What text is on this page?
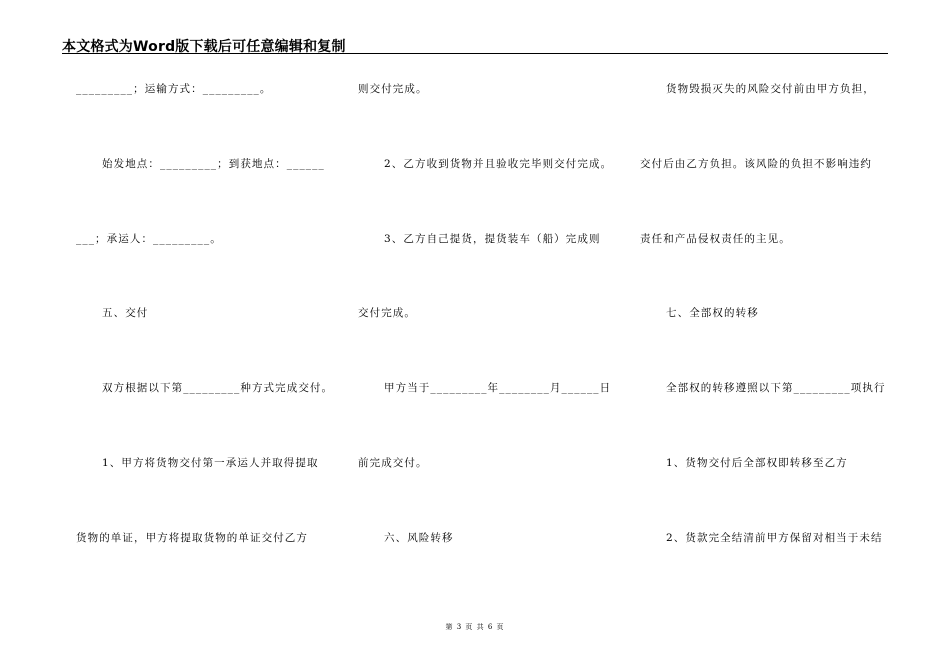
本文格式为Word版下载后可任意编辑和复制
_________；运输方式：_________。
始发地点：_________；到获地点：______
___；承运人：_________。
五、交付
双方根据以下第_________种方式完成交付。
1、甲方将货物交付第一承运人并取得提取
货物的单证，甲方将提取货物的单证交付乙方
则交付完成。
2、乙方收到货物并且验收完毕则交付完成。
3、乙方自己提货，提货装车（船）完成则
交付完成。
甲方当于_________年________月______日
前完成交付。
六、风险转移
货物毁损灭失的风险交付前由甲方负担，
交付后由乙方负担。该风险的负担不影响违约
责任和产品侵权责任的主见。
七、全部权的转移
全部权的转移遵照以下第_________项执行
1、货物交付后全部权即转移至乙方
2、货款完全结清前甲方保留对相当于未结
第 3 页 共 6 页
